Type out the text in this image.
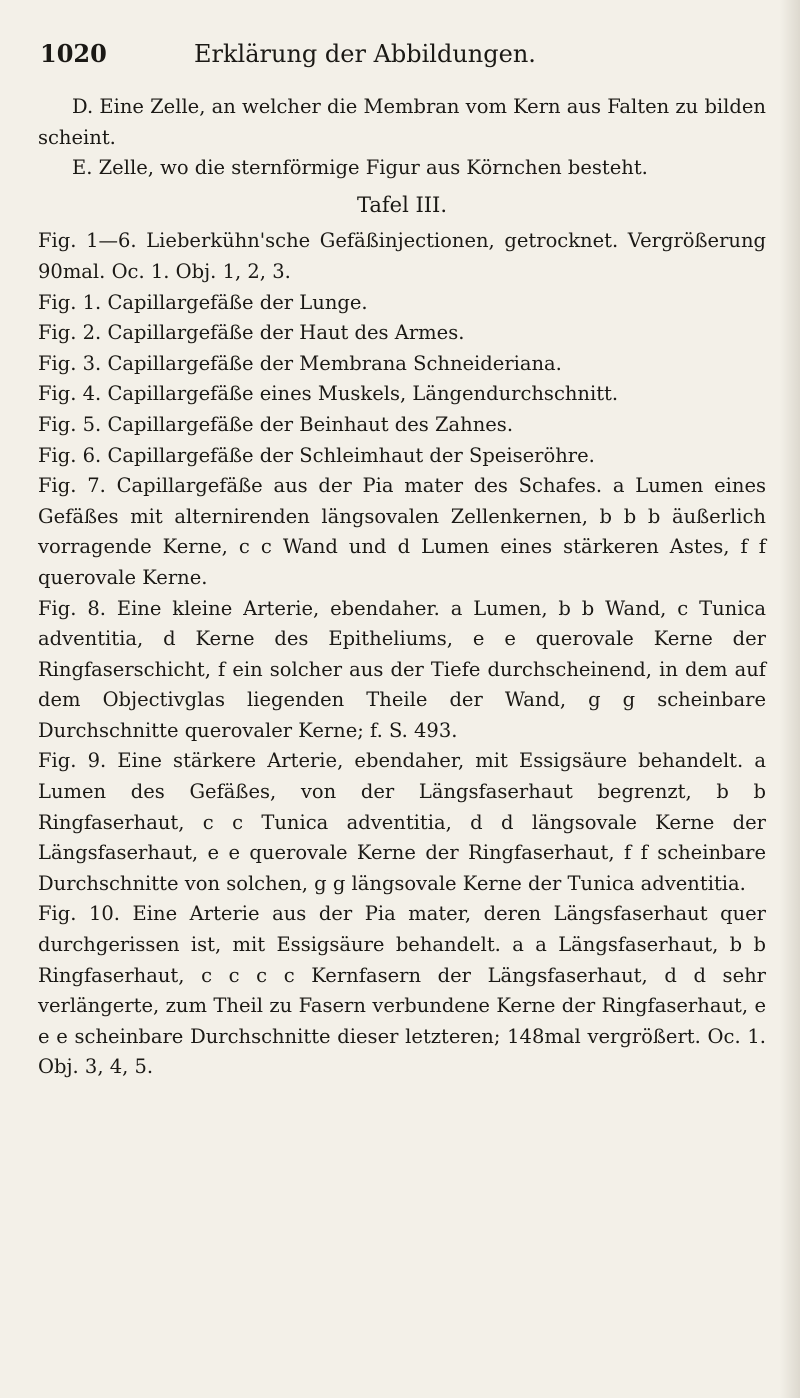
1020	Erklärung der Abbildungen.

D. Eine Zelle, an welcher die Membran vom Kern aus Falten zu bilden scheint.

E. Zelle, wo die sternförmige Figur aus Körnchen besteht.

Tafel III.

Fig. 1—6. Lieberkühn'sche Gefäßinjectionen, getrocknet. Vergrößerung 90mal. Oc. 1. Obj. 1, 2, 3.

Fig. 1. Capillargefäße der Lunge.

Fig. 2. Capillargefäße der Haut des Armes.

Fig. 3. Capillargefäße der Membrana Schneideriana.

Fig. 4. Capillargefäße eines Muskels, Längendurchschnitt.

Fig. 5. Capillargefäße der Beinhaut des Zahnes.

Fig. 6. Capillargefäße der Schleimhaut der Speiseröhre.

Fig. 7. Capillargefäße aus der Pia mater des Schafes. a Lumen eines Gefäßes mit alternirenden längsovalen Zellenkernen, b b b äußerlich vorragende Kerne, c c Wand und d Lumen eines stärkeren Astes, f f querovale Kerne.

Fig. 8. Eine kleine Arterie, ebendaher. a Lumen, b b Wand, c Tunica adventitia, d Kerne des Epitheliums, e e querovale Kerne der Ringfaserschicht, f ein solcher aus der Tiefe durchscheinend, in dem auf dem Objectivglas liegenden Theile der Wand, g g scheinbare Durchschnitte querovaler Kerne; f. S. 493.

Fig. 9. Eine stärkere Arterie, ebendaher, mit Essigsäure behandelt. a Lumen des Gefäßes, von der Längsfaserhaut begrenzt, b b Ringfaserhaut, c c Tunica adventitia, d d längsovale Kerne der Längsfaserhaut, e e querovale Kerne der Ringfaserhaut, f f scheinbare Durchschnitte von solchen, g g längsovale Kerne der Tunica adventitia.

Fig. 10. Eine Arterie aus der Pia mater, deren Längsfaserhaut quer durchgerissen ist, mit Essigsäure behandelt. a a Längsfaserhaut, b b Ringfaserhaut, c c c c Kernfasern der Längsfaserhaut, d d sehr verlängerte, zum Theil zu Fasern verbundene Kerne der Ringfaserhaut, e e e scheinbare Durchschnitte dieser letzteren; 148mal vergrößert. Oc. 1. Obj. 3, 4, 5.
